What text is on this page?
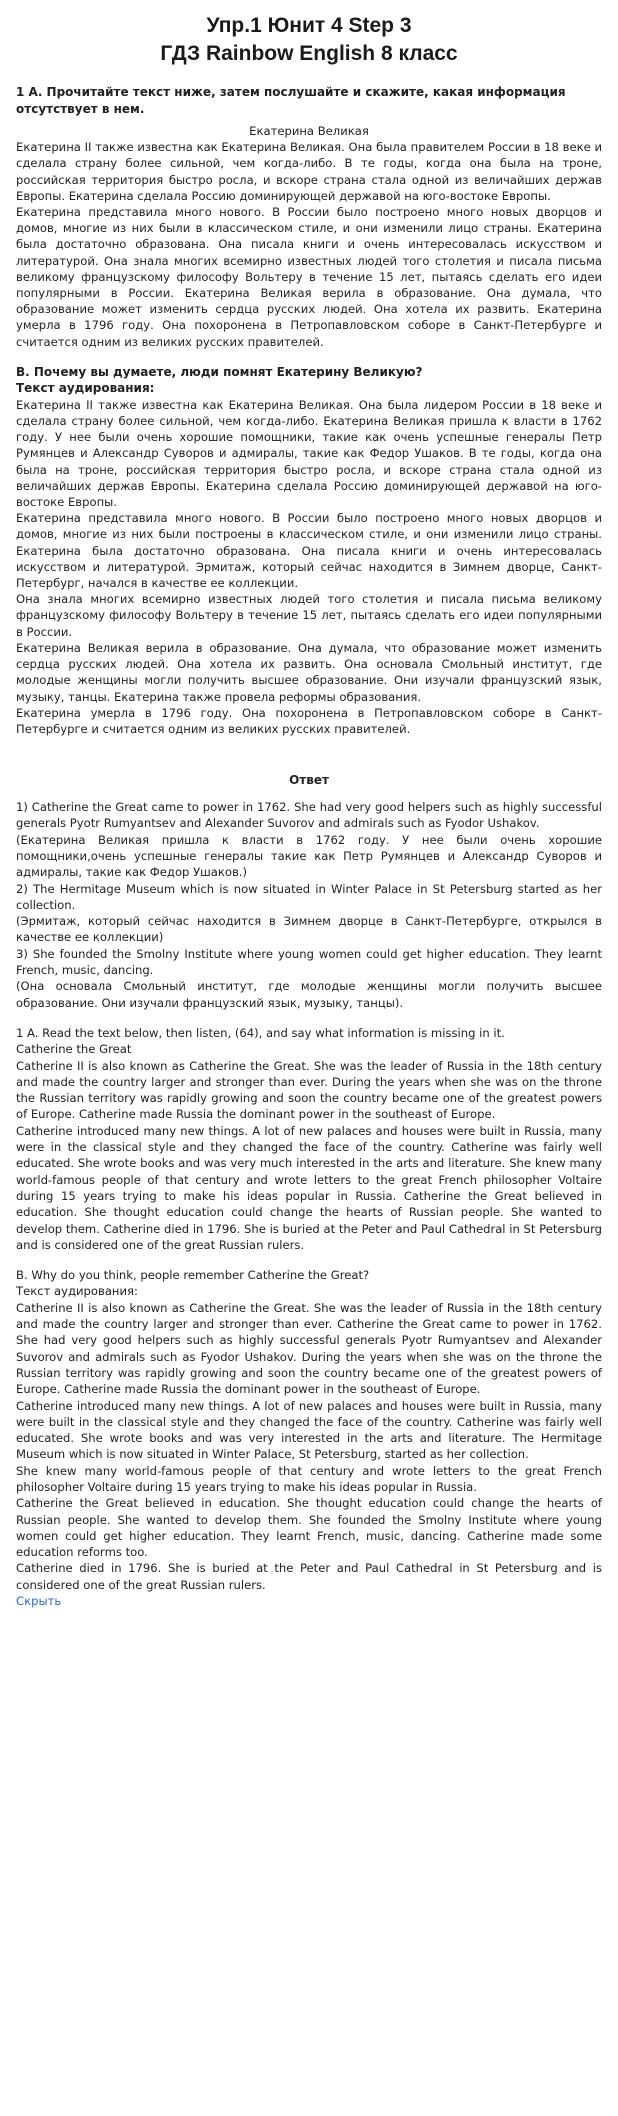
Упр.1 Юнит 4 Step 3
ГДЗ Rainbow English 8 класс

1 А. Прочитайте текст ниже, затем послушайте и скажите, какая информация отсутствует в нем.

Екатерина Великая

Екатерина II также известна как Екатерина Великая. Она была правителем России в 18 веке и сделала страну более сильной, чем когда-либо. В те годы, когда она была на троне, российская территория быстро росла, и вскоре страна стала одной из величайших держав Европы. Екатерина сделала Россию доминирующей державой на юго-востоке Европы.

Екатерина представила много нового. В России было построено много новых дворцов и домов, многие из них были в классическом стиле, и они изменили лицо страны. Екатерина была достаточно образована. Она писала книги и очень интересовалась искусством и литературой. Она знала многих всемирно известных людей того столетия и писала письма великому французскому философу Вольтеру в течение 15 лет, пытаясь сделать его идеи популярными в России. Екатерина Великая верила в образование. Она думала, что образование может изменить сердца русских людей. Она хотела их развить. Екатерина умерла в 1796 году. Она похоронена в Петропавловском соборе в Санкт-Петербурге и считается одним из великих русских правителей.

B. Почему вы думаете, люди помнят Екатерину Великую?

Текст аудирования:

Екатерина II также известна как Екатерина Великая. Она была лидером России в 18 веке и сделала страну более сильной, чем когда-либо. Екатерина Великая пришла к власти в 1762 году. У нее были очень хорошие помощники, такие как очень успешные генералы Петр Румянцев и Александр Суворов и адмиралы, такие как Федор Ушаков. В те годы, когда она была на троне, российская территория быстро росла, и вскоре страна стала одной из величайших держав Европы. Екатерина сделала Россию доминирующей державой на юго-востоке Европы.

Екатерина представила много нового. В России было построено много новых дворцов и домов, многие из них были построены в классическом стиле, и они изменили лицо страны. Екатерина была достаточно образована. Она писала книги и очень интересовалась искусством и литературой. Эрмитаж, который сейчас находится в Зимнем дворце, Санкт-Петербург, начался в качестве ее коллекции.

Она знала многих всемирно известных людей того столетия и писала письма великому французскому философу Вольтеру в течение 15 лет, пытаясь сделать его идеи популярными в России.

Екатерина Великая верила в образование. Она думала, что образование может изменить сердца русских людей. Она хотела их развить. Она основала Смольный институт, где молодые женщины могли получить высшее образование. Они изучали французский язык, музыку, танцы. Екатерина также провела реформы образования.

Екатерина умерла в 1796 году. Она похоронена в Петропавловском соборе в Санкт-Петербурге и считается одним из великих русских правителей.

Ответ

1) Catherine the Great came to power in 1762. She had very good helpers such as highly successful generals Pyotr Rumyantsev and Alexander Suvorov and admirals such as Fyodor Ushakov.

(Екатерина Великая пришла к власти в 1762 году. У нее были очень хорошие помощники,очень успешные генералы такие как Петр Румянцев и Александр Суворов и адмиралы, такие как Федор Ушаков.)

2) The Hermitage Museum which is now situated in Winter Palace in St Petersburg started as her collection.

(Эрмитаж, который сейчас находится в Зимнем дворце в Санкт-Петербурге, открылся в качестве ее коллекции)

3) She founded the Smolny Institute where young women could get higher education. They learnt French, music, dancing.

(Она основала Смольный институт, где молодые женщины могли получить высшее образование. Они изучали французский язык, музыку, танцы).

1 A. Read the text below, then listen, (64), and say what information is missing in it.

Catherine the Great

Catherine II is also known as Catherine the Great. She was the leader of Russia in the 18th century and made the country larger and stronger than ever. During the years when she was on the throne the Russian territory was rapidly growing and soon the country became one of the greatest powers of Europe. Catherine made Russia the dominant power in the southeast of Europe.

Catherine introduced many new things. A lot of new palaces and houses were built in Russia, many were in the classical style and they changed the face of the country. Catherine was fairly well educated. She wrote books and was very much interested in the arts and literature. She knew many world-famous people of that century and wrote letters to the great French philosopher Voltaire during 15 years trying to make his ideas popular in Russia. Catherine the Great believed in education. She thought education could change the hearts of Russian people. She wanted to develop them. Catherine died in 1796. She is buried at the Peter and Paul Cathedral in St Petersburg and is considered one of the great Russian rulers.

B. Why do you think, people remember Catherine the Great?

Текст аудирования:

Catherine II is also known as Catherine the Great. She was the leader of Russia in the 18th century and made the country larger and stronger than ever. Catherine the Great came to power in 1762. She had very good helpers such as highly successful generals Pyotr Rumyantsev and Alexander Suvorov and admirals such as Fyodor Ushakov. During the years when she was on the throne the Russian territory was rapidly growing and soon the country became one of the greatest powers of Europe. Catherine made Russia the dominant power in the southeast of Europe.

Catherine introduced many new things. A lot of new palaces and houses were built in Russia, many were built in the classical style and they changed the face of the country. Catherine was fairly well educated. She wrote books and was very interested in the arts and literature. The Hermitage Museum which is now situated in Winter Palace, St Petersburg, started as her collection.

She knew many world-famous people of that century and wrote letters to the great French philosopher Voltaire during 15 years trying to make his ideas popular in Russia.

Catherine the Great believed in education. She thought education could change the hearts of Russian people. She wanted to develop them. She founded the Smolny Institute where young women could get higher education. They learnt French, music, dancing. Catherine made some education reforms too.

Catherine died in 1796. She is buried at the Peter and Paul Cathedral in St Petersburg and is considered one of the great Russian rulers.

Скрыть
